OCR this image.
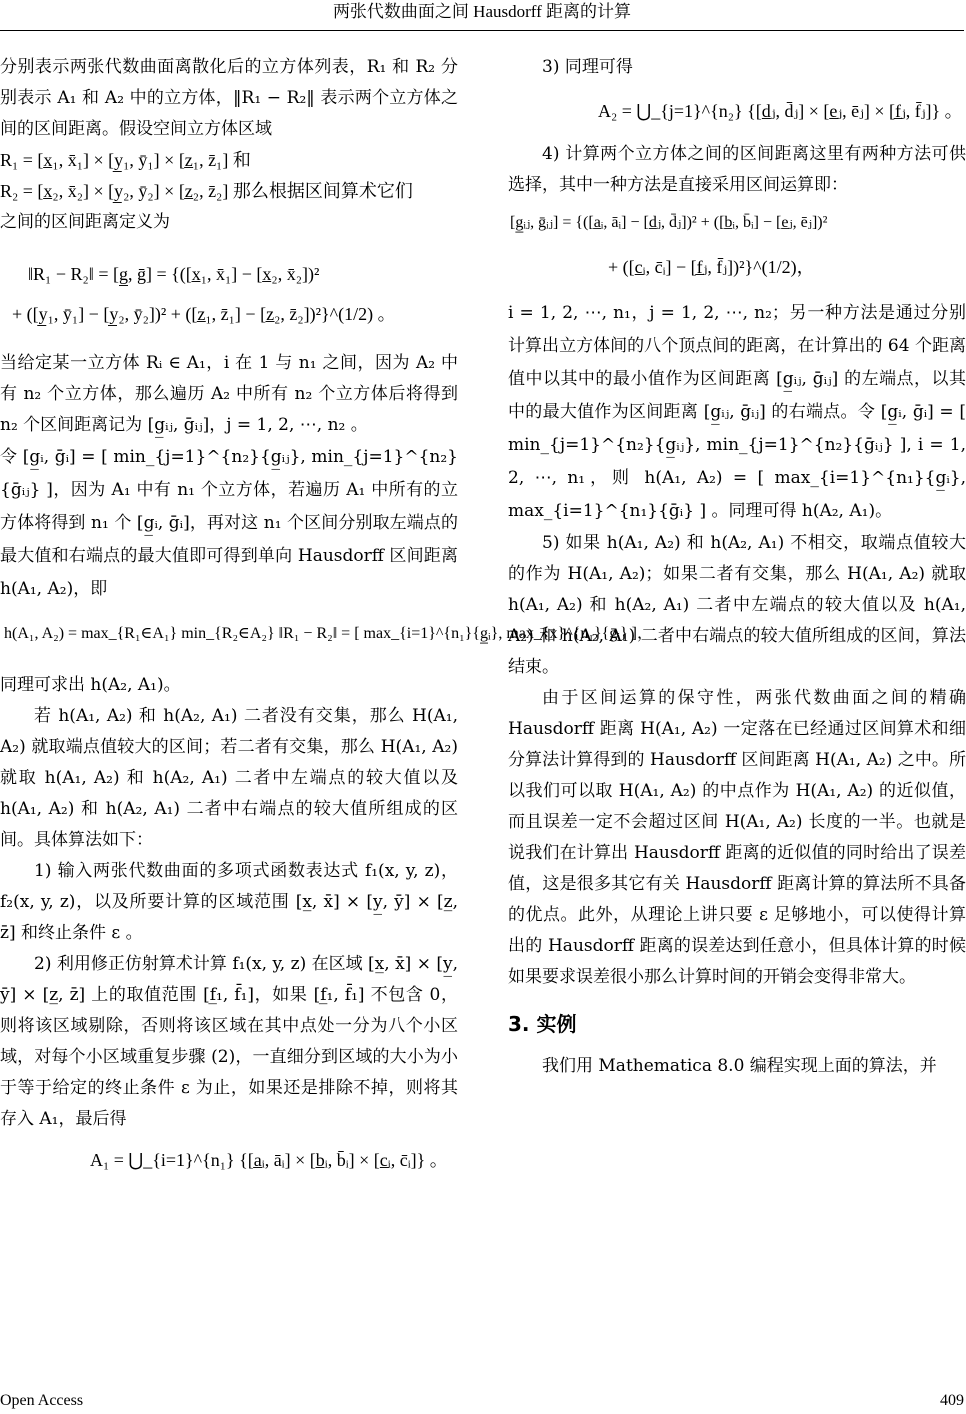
两张代数曲面之间 Hausdorff 距离的计算

分别表示两张代数曲面离散化后的立方体列表，R₁ 和 R₂ 分别表示 A₁ 和 A₂ 中的立方体，‖R₁ − R₂‖ 表示两个立方体之间的区间距离。假设空间立方体区域

R₁ = [x̲₁, x̄₁] × [y̲₁, ȳ₁] × [z̲₁, z̄₁] 和

R₂ = [x̲₂, x̄₂] × [y̲₂, ȳ₂] × [z̲₂, z̄₂] 那么根据区间算术它们

之间的区间距离定义为

‖R₁ − R₂‖ = [g̲, ḡ] = {([x̲₁, x̄₁] − [x̲₂, x̄₂])²

+ ([y̲₁, ȳ₁] − [y̲₂, ȳ₂])² + ([z̲₁, z̄₁] − [z̲₂, z̄₂])²}^(1/2) 。

当给定某一立方体 Rᵢ ∈ A₁，i 在 1 与 n₁ 之间，因为 A₂ 中有 n₂ 个立方体，那么遍历 A₂ 中所有 n₂ 个立方体后将得到 n₂ 个区间距离记为 [g̲ᵢⱼ, ḡᵢⱼ]，j = 1, 2, ⋯, n₂ 。

令 [g̲ᵢ, ḡᵢ] = [ min_{j=1}^{n₂}{g̲ᵢⱼ}, min_{j=1}^{n₂}{ḡᵢⱼ} ]，因为 A₁ 中有 n₁ 个立方体，若遍历 A₁ 中所有的立方体将得到 n₁ 个 [g̲ᵢ, ḡᵢ]，再对这 n₁ 个区间分别取左端点的最大值和右端点的最大值即可得到单向 Hausdorff 区间距离 h(A₁, A₂)，即

h(A₁, A₂) = max_{R₁∈A₁} min_{R₂∈A₂} ‖R₁ − R₂‖ = [ max_{i=1}^{n₁}{g̲ᵢ}, max_{x}^{n₁}{ḡᵢ} ]，

同理可求出 h(A₂, A₁)。

若 h(A₁, A₂) 和 h(A₂, A₁) 二者没有交集，那么 H(A₁, A₂) 就取端点值较大的区间；若二者有交集，那么 H(A₁, A₂) 就取 h(A₁, A₂) 和 h(A₂, A₁) 二者中左端点的较大值以及 h(A₁, A₂) 和 h(A₂, A₁) 二者中右端点的较大值所组成的区间。具体算法如下：

1) 输入两张代数曲面的多项式函数表达式 f₁(x, y, z)，f₂(x, y, z)，以及所要计算的区域范围 [x̲, x̄] × [y̲, ȳ] × [z̲, z̄] 和终止条件 ε 。

2) 利用修正仿射算术计算 f₁(x, y, z) 在区域 [x̲, x̄] × [y̲, ȳ] × [z̲, z̄] 上的取值范围 [f̲₁, f̄₁]，如果 [f̲₁, f̄₁] 不包含 0，则将该区域剔除，否则将该区域在其中点处一分为八个小区域，对每个小区域重复步骤 (2)，一直细分到区域的大小为小于等于给定的终止条件 ε 为止，如果还是排除不掉，则将其存入 A₁，最后得

A₁ = ⋃_{i=1}^{n₁} {[a̲ᵢ, āᵢ] × [b̲ᵢ, b̄ᵢ] × [c̲ᵢ, c̄ᵢ]} 。

3) 同理可得

A₂ = ⋃_{j=1}^{n₂} {[d̲ⱼ, d̄ⱼ] × [e̲ⱼ, ēⱼ] × [f̲ⱼ, f̄ⱼ]} 。

4) 计算两个立方体之间的区间距离这里有两种方法可供选择，其中一种方法是直接采用区间运算即：

[g̲ᵢⱼ, ḡᵢⱼ] = {([a̲ᵢ, āᵢ] − [d̲ⱼ, d̄ⱼ])² + ([b̲ᵢ, b̄ᵢ] − [e̲ⱼ, ēⱼ])²

+ ([c̲ᵢ, c̄ᵢ] − [f̲ⱼ, f̄ⱼ])²}^(1/2)，

i = 1, 2, ⋯, n₁，j = 1, 2, ⋯, n₂；另一种方法是通过分别计算出立方体间的八个顶点间的距离，在计算出的 64 个距离值中以其中的最小值作为区间距离 [g̲ᵢⱼ, ḡᵢⱼ] 的左端点，以其中的最大值作为区间距离 [g̲ᵢⱼ, ḡᵢⱼ] 的右端点。令 [g̲ᵢ, ḡᵢ] = [ min_{j=1}^{n₂}{g̲ᵢⱼ}, min_{j=1}^{n₂}{ḡᵢⱼ} ], i = 1, 2, ⋯, n₁，则 h(A₁, A₂) = [ max_{i=1}^{n₁}{g̲ᵢ}, max_{i=1}^{n₁}{ḡᵢ} ] 。同理可得 h(A₂, A₁)。

5) 如果 h(A₁, A₂) 和 h(A₂, A₁) 不相交，取端点值较大的作为 H(A₁, A₂)；如果二者有交集，那么 H(A₁, A₂) 就取 h(A₁, A₂) 和 h(A₂, A₁) 二者中左端点的较大值以及 h(A₁, A₂) 和 h(A₂, A₁) 二者中右端点的较大值所组成的区间，算法结束。

由于区间运算的保守性，两张代数曲面之间的精确 Hausdorff 距离 H(A₁, A₂) 一定落在已经通过区间算术和细分算法计算得到的 Hausdorff 区间距离 H(A₁, A₂) 之中。所以我们可以取 H(A₁, A₂) 的中点作为 H(A₁, A₂) 的近似值，而且误差一定不会超过区间 H(A₁, A₂) 长度的一半。也就是说我们在计算出 Hausdorff 距离的近似值的同时给出了误差值，这是很多其它有关 Hausdorff 距离计算的算法所不具备的优点。此外，从理论上讲只要 ε 足够地小，可以使得计算出的 Hausdorff 距离的误差达到任意小，但具体计算的时候如果要求误差很小那么计算时间的开销会变得非常大。

3. 实例

我们用 Mathematica 8.0 编程实现上面的算法，并

Open Access	409
